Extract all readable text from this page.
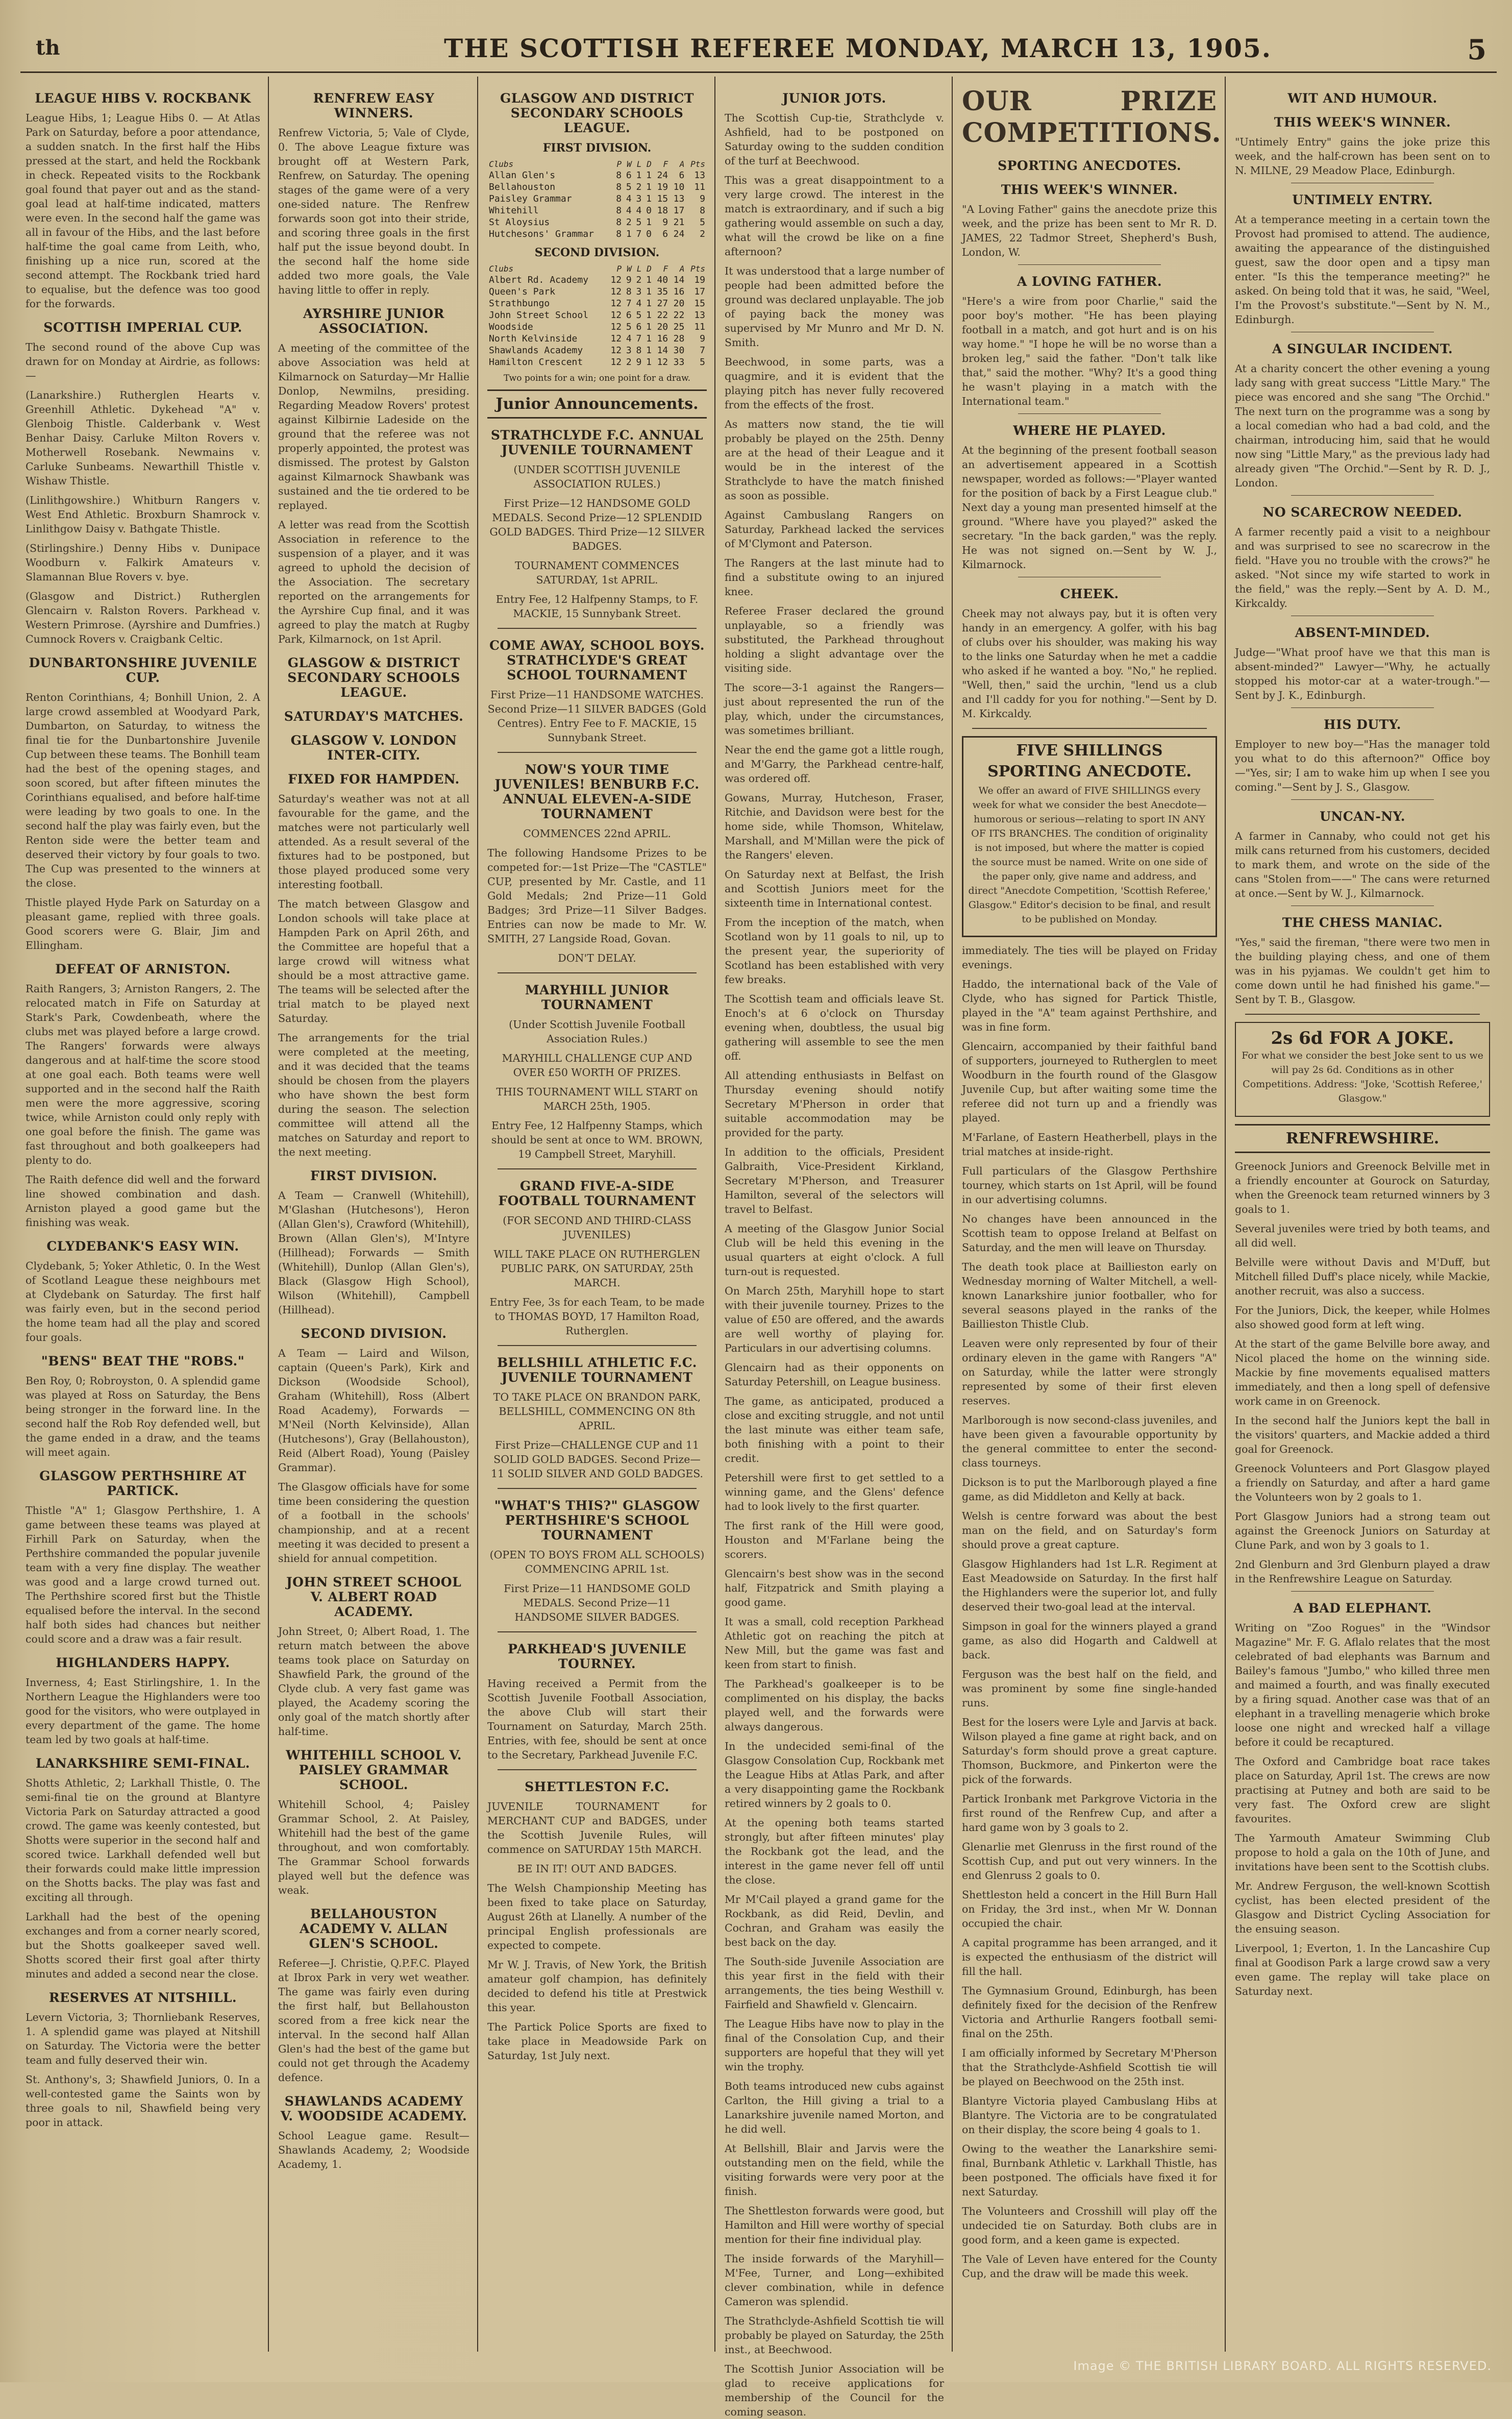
th	THE SCOTTISH REFEREE MONDAY, MARCH 13, 1905.	5
LEAGUE HIBS V. ROCKBANK

League Hibs, 1; League Hibs 0. — At Atlas Park on Saturday, before a poor attendance, a sudden snatch. In the first half the Hibs pressed at the start, and held the Rockbank in check. Repeated visits to the Rockbank goal found that payer out and as the stand-goal lead at half-time indicated, matters were even. In the second half the game was all in favour of the Hibs, and the last before half-time the goal came from Leith, who, finishing up a nice run, scored at the second attempt. The Rockbank tried hard to equalise, but the defence was too good for the forwards.

SCOTTISH IMPERIAL CUP.

The second round of the above Cup was drawn for on Monday at Airdrie, as follows:—

(Lanarkshire.) Rutherglen Hearts v. Greenhill Athletic. Dykehead "A" v. Glenboig Thistle. Calderbank v. West Benhar Daisy. Carluke Milton Rovers v. Motherwell Rosebank. Newmains v. Carluke Sunbeams. Newarthill Thistle v. Wishaw Thistle.

(Linlithgowshire.) Whitburn Rangers v. West End Athletic. Broxburn Shamrock v. Linlithgow Daisy v. Bathgate Thistle.

(Stirlingshire.) Denny Hibs v. Dunipace Woodburn v. Falkirk Amateurs v. Slamannan Blue Rovers v. bye.

(Glasgow and District.) Rutherglen Glencairn v. Ralston Rovers. Parkhead v. Western Primrose. (Ayrshire and Dumfries.) Cumnock Rovers v. Craigbank Celtic.

DUNBARTONSHIRE JUVENILE CUP.

Renton Corinthians, 4; Bonhill Union, 2. A large crowd assembled at Woodyard Park, Dumbarton, on Saturday, to witness the final tie for the Dunbartonshire Juvenile Cup between these teams. The Bonhill team had the best of the opening stages, and soon scored, but after fifteen minutes the Corinthians equalised, and before half-time were leading by two goals to one. In the second half the play was fairly even, but the Renton side were the better team and deserved their victory by four goals to two. The Cup was presented to the winners at the close.

Thistle played Hyde Park on Saturday on a pleasant game, replied with three goals. Good scorers were G. Blair, Jim and Ellingham.

DEFEAT OF ARNISTON.

Raith Rangers, 3; Arniston Rangers, 2. The relocated match in Fife on Saturday at Stark's Park, Cowdenbeath, where the clubs met was played before a large crowd. The Rangers' forwards were always dangerous and at half-time the score stood at one goal each. Both teams were well supported and in the second half the Raith men were the more aggressive, scoring twice, while Arniston could only reply with one goal before the finish. The game was fast throughout and both goalkeepers had plenty to do.

The Raith defence did well and the forward line showed combination and dash. Arniston played a good game but the finishing was weak.

CLYDEBANK'S EASY WIN.

Clydebank, 5; Yoker Athletic, 0. In the West of Scotland League these neighbours met at Clydebank on Saturday. The first half was fairly even, but in the second period the home team had all the play and scored four goals.

"BENS" BEAT THE "ROBS."

Ben Roy, 0; Robroyston, 0. A splendid game was played at Ross on Saturday, the Bens being stronger in the forward line. In the second half the Rob Roy defended well, but the game ended in a draw, and the teams will meet again.

GLASGOW PERTHSHIRE AT PARTICK.

Thistle "A" 1; Glasgow Perthshire, 1. A game between these teams was played at Firhill Park on Saturday, when the Perthshire commanded the popular juvenile team with a very fine display. The weather was good and a large crowd turned out. The Perthshire scored first but the Thistle equalised before the interval. In the second half both sides had chances but neither could score and a draw was a fair result.

HIGHLANDERS HAPPY.

Inverness, 4; East Stirlingshire, 1. In the Northern League the Highlanders were too good for the visitors, who were outplayed in every department of the game. The home team led by two goals at half-time.

LANARKSHIRE SEMI-FINAL.

Shotts Athletic, 2; Larkhall Thistle, 0. The semi-final tie on the ground at Blantyre Victoria Park on Saturday attracted a good crowd. The game was keenly contested, but Shotts were superior in the second half and scored twice. Larkhall defended well but their forwards could make little impression on the Shotts backs. The play was fast and exciting all through.

Larkhall had the best of the opening exchanges and from a corner nearly scored, but the Shotts goalkeeper saved well. Shotts scored their first goal after thirty minutes and added a second near the close.

RESERVES AT NITSHILL.

Levern Victoria, 3; Thornliebank Reserves, 1. A splendid game was played at Nitshill on Saturday. The Victoria were the better team and fully deserved their win.

St. Anthony's, 3; Shawfield Juniors, 0. In a well-contested game the Saints won by three goals to nil, Shawfield being very poor in attack.

RENFREW EASY WINNERS.

Renfrew Victoria, 5; Vale of Clyde, 0. The above League fixture was brought off at Western Park, Renfrew, on Saturday. The opening stages of the game were of a very one-sided nature. The Renfrew forwards soon got into their stride, and scoring three goals in the first half put the issue beyond doubt. In the second half the home side added two more goals, the Vale having little to offer in reply.

AYRSHIRE JUNIOR ASSOCIATION.

A meeting of the committee of the above Association was held at Kilmarnock on Saturday—Mr Hallie Donlop, Newmilns, presiding. Regarding Meadow Rovers' protest against Kilbirnie Ladeside on the ground that the referee was not properly appointed, the protest was dismissed. The protest by Galston against Kilmarnock Shawbank was sustained and the tie ordered to be replayed.

A letter was read from the Scottish Association in reference to the suspension of a player, and it was agreed to uphold the decision of the Association. The secretary reported on the arrangements for the Ayrshire Cup final, and it was agreed to play the match at Rugby Park, Kilmarnock, on 1st April.

GLASGOW & DISTRICT SECONDARY SCHOOLS LEAGUE.
SATURDAY'S MATCHES.
GLASGOW V. LONDON INTER-CITY.
FIXED FOR HAMPDEN.

Saturday's weather was not at all favourable for the game, and the matches were not particularly well attended. As a result several of the fixtures had to be postponed, but those played produced some very interesting football.

The match between Glasgow and London schools will take place at Hampden Park on April 26th, and the Committee are hopeful that a large crowd will witness what should be a most attractive game. The teams will be selected after the trial match to be played next Saturday.

The arrangements for the trial were completed at the meeting, and it was decided that the teams should be chosen from the players who have shown the best form during the season. The selection committee will attend all the matches on Saturday and report to the next meeting.

FIRST DIVISION.

A Team — Cranwell (Whitehill), M'Glashan (Hutchesons'), Heron (Allan Glen's), Crawford (Whitehill), Brown (Allan Glen's), M'Intyre (Hillhead); Forwards — Smith (Whitehill), Dunlop (Allan Glen's), Black (Glasgow High School), Wilson (Whitehill), Campbell (Hillhead).

SECOND DIVISION.

A Team — Laird and Wilson, captain (Queen's Park), Kirk and Dickson (Woodside School), Graham (Whitehill), Ross (Albert Road Academy), Forwards — M'Neil (North Kelvinside), Allan (Hutchesons'), Gray (Bellahouston), Reid (Albert Road), Young (Paisley Grammar).

The Glasgow officials have for some time been considering the question of a football in the schools' championship, and at a recent meeting it was decided to present a shield for annual competition.

JOHN STREET SCHOOL V. ALBERT ROAD ACADEMY.

John Street, 0; Albert Road, 1. The return match between the above teams took place on Saturday on Shawfield Park, the ground of the Clyde club. A very fast game was played, the Academy scoring the only goal of the match shortly after half-time.

WHITEHILL SCHOOL V. PAISLEY GRAMMAR SCHOOL.

Whitehill School, 4; Paisley Grammar School, 2. At Paisley, Whitehill had the best of the game throughout, and won comfortably. The Grammar School forwards played well but the defence was weak.

BELLAHOUSTON ACADEMY V. ALLAN GLEN'S SCHOOL.

Referee—J. Christie, Q.P.F.C. Played at Ibrox Park in very wet weather. The game was fairly even during the first half, but Bellahouston scored from a free kick near the interval. In the second half Allan Glen's had the best of the game but could not get through the Academy defence.

SHAWLANDS ACADEMY V. WOODSIDE ACADEMY.

School League game. Result—Shawlands Academy, 2; Woodside Academy, 1.

GLASGOW AND DISTRICT SECONDARY SCHOOLS LEAGUE.
FIRST DIVISION.
Clubs	P	W	L	D	F	A	Pts
Allan Glen's	8	6	1	1	24	6	13
Bellahouston	8	5	2	1	19	10	11
Paisley Grammar	8	4	3	1	15	13	9
Whitehill	8	4	4	0	18	17	8
St Aloysius	8	2	5	1	9	21	5
Hutchesons' Grammar	8	1	7	0	6	24	2
SECOND DIVISION.
Clubs	P	W	L	D	F	A	Pts
Albert Rd. Academy	12	9	2	1	40	14	19
Queen's Park	12	8	3	1	35	16	17
Strathbungo	12	7	4	1	27	20	15
John Street School	12	6	5	1	22	22	13
Woodside	12	5	6	1	20	25	11
North Kelvinside	12	4	7	1	16	28	9
Shawlands Academy	12	3	8	1	14	30	7
Hamilton Crescent	12	2	9	1	12	33	5
Two points for a win; one point for a draw.
Junior Announcements.
STRATHCLYDE F.C. ANNUAL JUVENILE TOURNAMENT

(UNDER SCOTTISH JUVENILE ASSOCIATION RULES.)

First Prize—12 HANDSOME GOLD MEDALS. Second Prize—12 SPLENDID GOLD BADGES. Third Prize—12 SILVER BADGES.

TOURNAMENT COMMENCES SATURDAY, 1st APRIL.

Entry Fee, 12 Halfpenny Stamps, to F. MACKIE, 15 Sunnybank Street.

COME AWAY, SCHOOL BOYS. STRATHCLYDE'S GREAT SCHOOL TOURNAMENT

First Prize—11 HANDSOME WATCHES. Second Prize—11 SILVER BADGES (Gold Centres). Entry Fee to F. MACKIE, 15 Sunnybank Street.

NOW'S YOUR TIME JUVENILES! BENBURB F.C. ANNUAL ELEVEN-A-SIDE TOURNAMENT

COMMENCES 22nd APRIL.

The following Handsome Prizes to be competed for:—1st Prize—The "CASTLE" CUP, presented by Mr. Castle, and 11 Gold Medals; 2nd Prize—11 Gold Badges; 3rd Prize—11 Silver Badges. Entries can now be made to Mr. W. SMITH, 27 Langside Road, Govan.

DON'T DELAY.

MARYHILL JUNIOR TOURNAMENT

(Under Scottish Juvenile Football Association Rules.)

MARYHILL CHALLENGE CUP AND OVER £50 WORTH OF PRIZES.

THIS TOURNAMENT WILL START on MARCH 25th, 1905.

Entry Fee, 12 Halfpenny Stamps, which should be sent at once to WM. BROWN, 19 Campbell Street, Maryhill.

GRAND FIVE-A-SIDE FOOTBALL TOURNAMENT

(FOR SECOND AND THIRD-CLASS JUVENILES)

WILL TAKE PLACE ON RUTHERGLEN PUBLIC PARK, ON SATURDAY, 25th MARCH.

Entry Fee, 3s for each Team, to be made to THOMAS BOYD, 17 Hamilton Road, Rutherglen.

BELLSHILL ATHLETIC F.C. JUVENILE TOURNAMENT

TO TAKE PLACE ON BRANDON PARK, BELLSHILL, COMMENCING ON 8th APRIL.

First Prize—CHALLENGE CUP and 11 SOLID GOLD BADGES. Second Prize—11 SOLID SILVER AND GOLD BADGES.

"WHAT'S THIS?" GLASGOW PERTHSHIRE'S SCHOOL TOURNAMENT

(OPEN TO BOYS FROM ALL SCHOOLS) COMMENCING APRIL 1st.

First Prize—11 HANDSOME GOLD MEDALS. Second Prize—11 HANDSOME SILVER BADGES.

PARKHEAD'S JUVENILE TOURNEY.

Having received a Permit from the Scottish Juvenile Football Association, the above Club will start their Tournament on Saturday, March 25th. Entries, with fee, should be sent at once to the Secretary, Parkhead Juvenile F.C.

SHETTLESTON F.C.

JUVENILE TOURNAMENT for MERCHANT CUP and BADGES, under the Scottish Juvenile Rules, will commence on SATURDAY 15th MARCH.

BE IN IT! OUT AND BADGES.

The Welsh Championship Meeting has been fixed to take place on Saturday, August 26th at Llanelly. A number of the principal English professionals are expected to compete.

Mr W. J. Travis, of New York, the British amateur golf champion, has definitely decided to defend his title at Prestwick this year.

The Partick Police Sports are fixed to take place in Meadowside Park on Saturday, 1st July next.

JUNIOR JOTS.

The Scottish Cup-tie, Strathclyde v. Ashfield, had to be postponed on Saturday owing to the sudden condition of the turf at Beechwood.

This was a great disappointment to a very large crowd. The interest in the match is extraordinary, and if such a big gathering would assemble on such a day, what will the crowd be like on a fine afternoon?

It was understood that a large number of people had been admitted before the ground was declared unplayable. The job of paying back the money was supervised by Mr Munro and Mr D. N. Smith.

Beechwood, in some parts, was a quagmire, and it is evident that the playing pitch has never fully recovered from the effects of the frost.

As matters now stand, the tie will probably be played on the 25th. Denny are at the head of their League and it would be in the interest of the Strathclyde to have the match finished as soon as possible.

Against Cambuslang Rangers on Saturday, Parkhead lacked the services of M'Clymont and Paterson.

The Rangers at the last minute had to find a substitute owing to an injured knee.

Referee Fraser declared the ground unplayable, so a friendly was substituted, the Parkhead throughout holding a slight advantage over the visiting side.

The score—3-1 against the Rangers—just about represented the run of the play, which, under the circumstances, was sometimes brilliant.

Near the end the game got a little rough, and M'Garry, the Parkhead centre-half, was ordered off.

Gowans, Murray, Hutcheson, Fraser, Ritchie, and Davidson were best for the home side, while Thomson, Whitelaw, Marshall, and M'Millan were the pick of the Rangers' eleven.

On Saturday next at Belfast, the Irish and Scottish Juniors meet for the sixteenth time in International contest.

From the inception of the match, when Scotland won by 11 goals to nil, up to the present year, the superiority of Scotland has been established with very few breaks.

The Scottish team and officials leave St. Enoch's at 6 o'clock on Thursday evening when, doubtless, the usual big gathering will assemble to see the men off.

All attending enthusiasts in Belfast on Thursday evening should notify Secretary M'Pherson in order that suitable accommodation may be provided for the party.

In addition to the officials, President Galbraith, Vice-President Kirkland, Secretary M'Pherson, and Treasurer Hamilton, several of the selectors will travel to Belfast.

A meeting of the Glasgow Junior Social Club will be held this evening in the usual quarters at eight o'clock. A full turn-out is requested.

On March 25th, Maryhill hope to start with their juvenile tourney. Prizes to the value of £50 are offered, and the awards are well worthy of playing for. Particulars in our advertising columns.

Glencairn had as their opponents on Saturday Petershill, on League business.

The game, as anticipated, produced a close and exciting struggle, and not until the last minute was either team safe, both finishing with a point to their credit.

Petershill were first to get settled to a winning game, and the Glens' defence had to look lively to the first quarter.

The first rank of the Hill were good, Houston and M'Farlane being the scorers.

Glencairn's best show was in the second half, Fitzpatrick and Smith playing a good game.

It was a small, cold reception Parkhead Athletic got on reaching the pitch at New Mill, but the game was fast and keen from start to finish.

The Parkhead's goalkeeper is to be complimented on his display, the backs played well, and the forwards were always dangerous.

In the undecided semi-final of the Glasgow Consolation Cup, Rockbank met the League Hibs at Atlas Park, and after a very disappointing game the Rockbank retired winners by 2 goals to 0.

At the opening both teams started strongly, but after fifteen minutes' play the Rockbank got the lead, and the interest in the game never fell off until the close.

Mr M'Cail played a grand game for the Rockbank, as did Reid, Devlin, and Cochran, and Graham was easily the best back on the day.

The South-side Juvenile Association are this year first in the field with their arrangements, the ties being Westhill v. Fairfield and Shawfield v. Glencairn.

The League Hibs have now to play in the final of the Consolation Cup, and their supporters are hopeful that they will yet win the trophy.

Both teams introduced new cubs against Carlton, the Hill giving a trial to a Lanarkshire juvenile named Morton, and he did well.

At Bellshill, Blair and Jarvis were the outstanding men on the field, while the visiting forwards were very poor at the finish.

The Shettleston forwards were good, but Hamilton and Hill were worthy of special mention for their fine individual play.

The inside forwards of the Maryhill—M'Fee, Turner, and Long—exhibited clever combination, while in defence Cameron was splendid.

The Strathclyde-Ashfield Scottish tie will probably be played on Saturday, the 25th inst., at Beechwood.

The Scottish Junior Association will be glad to receive applications for membership of the Council for the coming season.

OUR PRIZE COMPETITIONS.

SPORTING ANECDOTES.
THIS WEEK'S WINNER.

"A Loving Father" gains the anecdote prize this week, and the prize has been sent to Mr R. D. JAMES, 22 Tadmor Street, Shepherd's Bush, London, W.

A LOVING FATHER.

"Here's a wire from poor Charlie," said the poor boy's mother. "He has been playing football in a match, and got hurt and is on his way home." "I hope he will be no worse than a broken leg," said the father. "Don't talk like that," said the mother. "Why? It's a good thing he wasn't playing in a match with the International team."

WHERE HE PLAYED.

At the beginning of the present football season an advertisement appeared in a Scottish newspaper, worded as follows:—"Player wanted for the position of back by a First League club." Next day a young man presented himself at the ground. "Where have you played?" asked the secretary. "In the back garden," was the reply. He was not signed on.—Sent by W. J., Kilmarnock.

CHEEK.

Cheek may not always pay, but it is often very handy in an emergency. A golfer, with his bag of clubs over his shoulder, was making his way to the links one Saturday when he met a caddie who asked if he wanted a boy. "No," he replied. "Well, then," said the urchin, "lend us a club and I'll caddy for you for nothing."—Sent by D. M. Kirkcaldy.

FIVE SHILLINGS
SPORTING ANECDOTE.

We offer an award of FIVE SHILLINGS every week for what we consider the best Anecdote—humorous or serious—relating to sport IN ANY OF ITS BRANCHES. The condition of originality is not imposed, but where the matter is copied the source must be named. Write on one side of the paper only, give name and address, and direct "Anecdote Competition, 'Scottish Referee,' Glasgow." Editor's decision to be final, and result to be published on Monday.

immediately. The ties will be played on Friday evenings.

Haddo, the international back of the Vale of Clyde, who has signed for Partick Thistle, played in the "A" team against Perthshire, and was in fine form.

Glencairn, accompanied by their faithful band of supporters, journeyed to Rutherglen to meet Woodburn in the fourth round of the Glasgow Juvenile Cup, but after waiting some time the referee did not turn up and a friendly was played.

M'Farlane, of Eastern Heatherbell, plays in the trial matches at inside-right.

Full particulars of the Glasgow Perthshire tourney, which starts on 1st April, will be found in our advertising columns.

No changes have been announced in the Scottish team to oppose Ireland at Belfast on Saturday, and the men will leave on Thursday.

The death took place at Baillieston early on Wednesday morning of Walter Mitchell, a well-known Lanarkshire junior footballer, who for several seasons played in the ranks of the Baillieston Thistle Club.

Leaven were only represented by four of their ordinary eleven in the game with Rangers "A" on Saturday, while the latter were strongly represented by some of their first eleven reserves.

Marlborough is now second-class juveniles, and have been given a favourable opportunity by the general committee to enter the second-class tourneys.

Dickson is to put the Marlborough played a fine game, as did Middleton and Kelly at back.

Welsh is centre forward was about the best man on the field, and on Saturday's form should prove a great capture.

Glasgow Highlanders had 1st L.R. Regiment at East Meadowside on Saturday. In the first half the Highlanders were the superior lot, and fully deserved their two-goal lead at the interval.

Simpson in goal for the winners played a grand game, as also did Hogarth and Caldwell at back.

Ferguson was the best half on the field, and was prominent by some fine single-handed runs.

Best for the losers were Lyle and Jarvis at back. Wilson played a fine game at right back, and on Saturday's form should prove a great capture. Thomson, Buckmore, and Pinkerton were the pick of the forwards.

Partick Ironbank met Parkgrove Victoria in the first round of the Renfrew Cup, and after a hard game won by 3 goals to 2.

Glenarlie met Glenruss in the first round of the Scottish Cup, and put out very winners. In the end Glenruss 2 goals to 0.

Shettleston held a concert in the Hill Burn Hall on Friday, the 3rd inst., when Mr W. Donnan occupied the chair.

A capital programme has been arranged, and it is expected the enthusiasm of the district will fill the hall.

The Gymnasium Ground, Edinburgh, has been definitely fixed for the decision of the Renfrew Victoria and Arthurlie Rangers football semi-final on the 25th.

I am officially informed by Secretary M'Pherson that the Strathclyde-Ashfield Scottish tie will be played on Beechwood on the 25th inst.

Blantyre Victoria played Cambuslang Hibs at Blantyre. The Victoria are to be congratulated on their display, the score being 4 goals to 1.

Owing to the weather the Lanarkshire semi-final, Burnbank Athletic v. Larkhall Thistle, has been postponed. The officials have fixed it for next Saturday.

The Volunteers and Crosshill will play off the undecided tie on Saturday. Both clubs are in good form, and a keen game is expected.

The Vale of Leven have entered for the County Cup, and the draw will be made this week.

WIT AND HUMOUR.
THIS WEEK'S WINNER.

"Untimely Entry" gains the joke prize this week, and the half-crown has been sent on to N. MILNE, 29 Meadow Place, Edinburgh.

UNTIMELY ENTRY.

At a temperance meeting in a certain town the Provost had promised to attend. The audience, awaiting the appearance of the distinguished guest, saw the door open and a tipsy man enter. "Is this the temperance meeting?" he asked. On being told that it was, he said, "Weel, I'm the Provost's substitute."—Sent by N. M., Edinburgh.

A SINGULAR INCIDENT.

At a charity concert the other evening a young lady sang with great success "Little Mary." The piece was encored and she sang "The Orchid." The next turn on the programme was a song by a local comedian who had a bad cold, and the chairman, introducing him, said that he would now sing "Little Mary," as the previous lady had already given "The Orchid."—Sent by R. D. J., London.

NO SCARECROW NEEDED.

A farmer recently paid a visit to a neighbour and was surprised to see no scarecrow in the field. "Have you no trouble with the crows?" he asked. "Not since my wife started to work in the field," was the reply.—Sent by A. D. M., Kirkcaldy.

ABSENT-MINDED.

Judge—"What proof have we that this man is absent-minded?" Lawyer—"Why, he actually stopped his motor-car at a water-trough."—Sent by J. K., Edinburgh.

HIS DUTY.

Employer to new boy—"Has the manager told you what to do this afternoon?" Office boy—"Yes, sir; I am to wake him up when I see you coming."—Sent by J. S., Glasgow.

UNCAN-NY.

A farmer in Cannaby, who could not get his milk cans returned from his customers, decided to mark them, and wrote on the side of the cans "Stolen from——" The cans were returned at once.—Sent by W. J., Kilmarnock.

THE CHESS MANIAC.

"Yes," said the fireman, "there were two men in the building playing chess, and one of them was in his pyjamas. We couldn't get him to come down until he had finished his game."—Sent by T. B., Glasgow.

2s 6d FOR A JOKE.

For what we consider the best Joke sent to us we will pay 2s 6d. Conditions as in other Competitions. Address: "Joke, 'Scottish Referee,' Glasgow."

RENFREWSHIRE.

Greenock Juniors and Greenock Belville met in a friendly encounter at Gourock on Saturday, when the Greenock team returned winners by 3 goals to 1.

Several juveniles were tried by both teams, and all did well.

Belville were without Davis and M'Duff, but Mitchell filled Duff's place nicely, while Mackie, another recruit, was also a success.

For the Juniors, Dick, the keeper, while Holmes also showed good form at left wing.

At the start of the game Belville bore away, and Nicol placed the home on the winning side. Mackie by fine movements equalised matters immediately, and then a long spell of defensive work came in on Greenock.

In the second half the Juniors kept the ball in the visitors' quarters, and Mackie added a third goal for Greenock.

Greenock Volunteers and Port Glasgow played a friendly on Saturday, and after a hard game the Volunteers won by 2 goals to 1.

Port Glasgow Juniors had a strong team out against the Greenock Juniors on Saturday at Clune Park, and won by 3 goals to 1.

2nd Glenburn and 3rd Glenburn played a draw in the Renfrewshire League on Saturday.

A BAD ELEPHANT.

Writing on "Zoo Rogues" in the "Windsor Magazine" Mr. F. G. Aflalo relates that the most celebrated of bad elephants was Barnum and Bailey's famous "Jumbo," who killed three men and maimed a fourth, and was finally executed by a firing squad. Another case was that of an elephant in a travelling menagerie which broke loose one night and wrecked half a village before it could be recaptured.

The Oxford and Cambridge boat race takes place on Saturday, April 1st. The crews are now practising at Putney and both are said to be very fast. The Oxford crew are slight favourites.

The Yarmouth Amateur Swimming Club propose to hold a gala on the 10th of June, and invitations have been sent to the Scottish clubs.

Mr. Andrew Ferguson, the well-known Scottish cyclist, has been elected president of the Glasgow and District Cycling Association for the ensuing season.

Liverpool, 1; Everton, 1. In the Lancashire Cup final at Goodison Park a large crowd saw a very even game. The replay will take place on Saturday next.

Image © THE BRITISH LIBRARY BOARD. ALL RIGHTS RESERVED.
